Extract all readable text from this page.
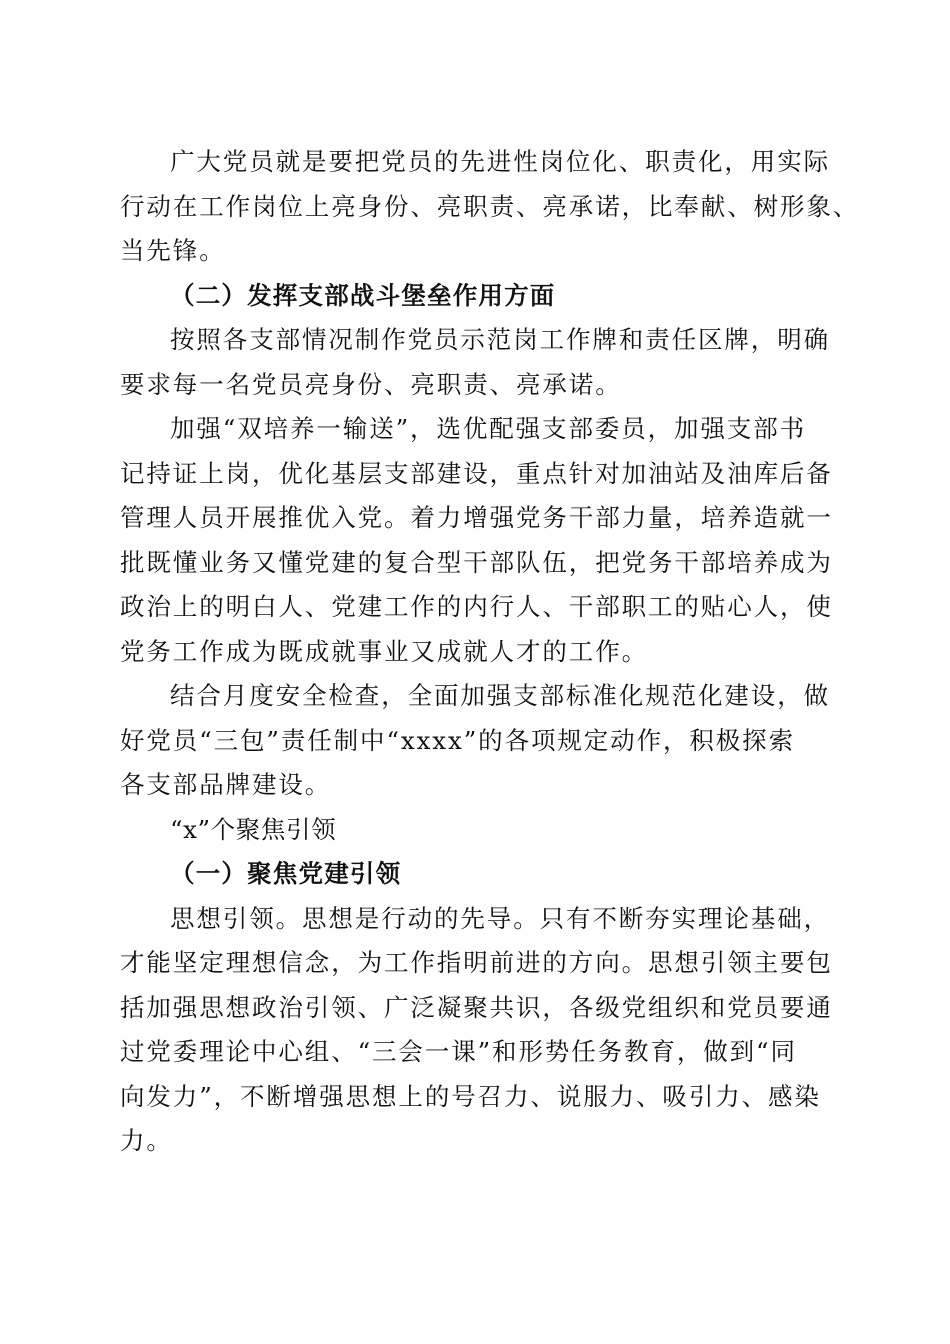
广大党员就是要把党员的先进性岗位化、职责化，用实际
行动在工作岗位上亮身份、亮职责、亮承诺，比奉献、树形象、
当先锋。
（二）发挥支部战斗堡垒作用方面
按照各支部情况制作党员示范岗工作牌和责任区牌，明确
要求每一名党员亮身份、亮职责、亮承诺。
加强“双培养一输送”，选优配强支部委员，加强支部书
记持证上岗，优化基层支部建设，重点针对加油站及油库后备
管理人员开展推优入党。着力增强党务干部力量，培养造就一
批既懂业务又懂党建的复合型干部队伍，把党务干部培养成为
政治上的明白人、党建工作的内行人、干部职工的贴心人，使
党务工作成为既成就事业又成就人才的工作。
结合月度安全检查，全面加强支部标准化规范化建设，做
好党员“三包”责任制中“xxxx”的各项规定动作，积极探索
各支部品牌建设。
“x”个聚焦引领
（一）聚焦党建引领
思想引领。思想是行动的先导。只有不断夯实理论基础，
才能坚定理想信念，为工作指明前进的方向。思想引领主要包
括加强思想政治引领、广泛凝聚共识，各级党组织和党员要通
过党委理论中心组、“三会一课”和形势任务教育，做到“同
向发力”，不断增强思想上的号召力、说服力、吸引力、感染
力。
